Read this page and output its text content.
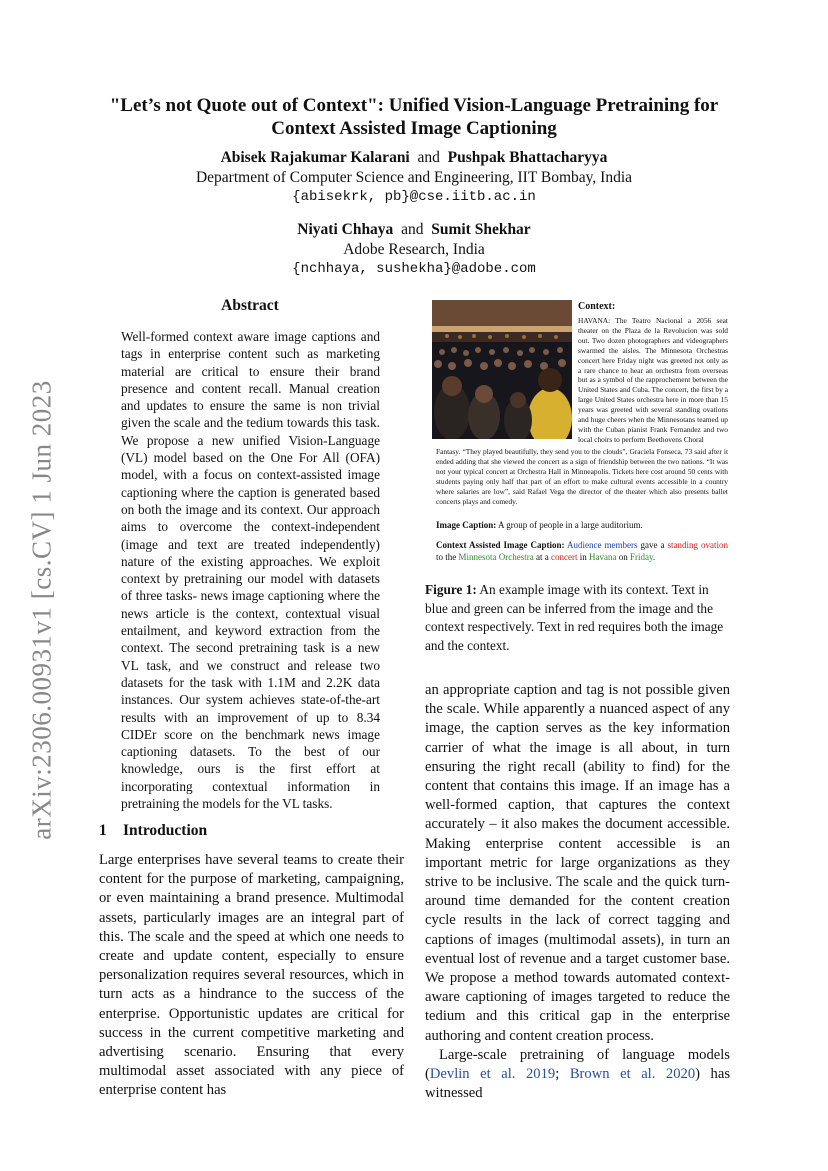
arXiv:2306.00931v1 [cs.CV] 1 Jun 2023
"Let’s not Quote out of Context": Unified Vision-Language Pretraining for
Context Assisted Image Captioning
Abisek Rajakumar Kalarani and Pushpak Bhattacharyya
Department of Computer Science and Engineering, IIT Bombay, India
{abisekrk, pb}@cse.iitb.ac.in
Niyati Chhaya and Sumit Shekhar
Adobe Research, India
{nchhaya, sushekha}@adobe.com
Abstract
Well-formed context aware image captions and tags in enterprise content such as marketing material are critical to ensure their brand presence and content recall. Manual creation and updates to ensure the same is non trivial given the scale and the tedium towards this task. We propose a new unified Vision-Language (VL) model based on the One For All (OFA) model, with a focus on context-assisted image captioning where the caption is generated based on both the image and its context. Our approach aims to overcome the context-independent (image and text are treated independently) nature of the existing approaches. We exploit context by pretraining our model with datasets of three tasks- news image captioning where the news article is the context, contextual visual entailment, and keyword extraction from the context. The second pretraining task is a new VL task, and we construct and release two datasets for the task with 1.1M and 2.2K data instances. Our system achieves state-of-the-art results with an improvement of up to 8.34 CIDEr score on the benchmark news image captioning datasets. To the best of our knowledge, ours is the first effort at incorporating contextual information in pretraining the models for the VL tasks.
1 Introduction
Large enterprises have several teams to create their content for the purpose of marketing, campaigning, or even maintaining a brand presence. Multimodal assets, particularly images are an integral part of this. The scale and the speed at which one needs to create and update content, especially to ensure personalization requires several resources, which in turn acts as a hindrance to the success of the enterprise. Opportunistic updates are critical for success in the current competitive marketing and advertising scenario. Ensuring that every multimodal asset associated with any piece of enterprise content has
Context:
HAVANA: The Teatro Nacional a 2056 seat theater on the Plaza de la Revolucion was sold out. Two dozen photographers and videographers swarmed the aisles. The Minnesota Orchestras concert here Friday night was greeted not only as a rare chance to hear an orchestra from overseas but as a symbol of the rapprochement between the United States and Cuba. The concert, the first by a large United States orchestra here in more than 15 years was greeted with several standing ovations and huge cheers when the Minnesotans teamed up with the Cuban pianist Frank Fernandez and two local choirs to perform Beethovens Choral
Fantasy. “They played beautifully, they send you to the clouds”, Graciela Fonseca, 73 said after it ended adding that she viewed the concert as a sign of friendship between the two nations. “It was not your typical concert at Orchestra Hall in Minneapolis. Tickets here cost around 50 cents with students paying only half that part of an effort to make cultural events accessible in a country where salaries are low”, said Rafael Vega the director of the theater which also presents ballet concerts plays and comedy.
Image Caption: A group of people in a large auditorium.
Context Assisted Image Caption: Audience members gave a standing ovation to the Minnesota Orchestra at a concert in Havana on Friday.
Figure 1: An example image with its context. Text in blue and green can be inferred from the image and the context respectively. Text in red requires both the image and the context.

an appropriate caption and tag is not possible given the scale. While apparently a nuanced aspect of any image, the caption serves as the key information carrier of what the image is all about, in turn ensuring the right recall (ability to find) for the content that contains this image. If an image has a well-formed caption, that captures the context accurately – it also makes the document accessible. Making enterprise content accessible is an important metric for large organizations as they strive to be inclusive. The scale and the quick turn-around time demanded for the content creation cycle results in the lack of correct tagging and captions of images (multimodal assets), in turn an eventual lost of revenue and a target customer base. We propose a method towards automated context-aware captioning of images targeted to reduce the tedium and this critical gap in the enterprise authoring and content creation process.

Large-scale pretraining of language models (Devlin et al. 2019; Brown et al. 2020) has witnessed
